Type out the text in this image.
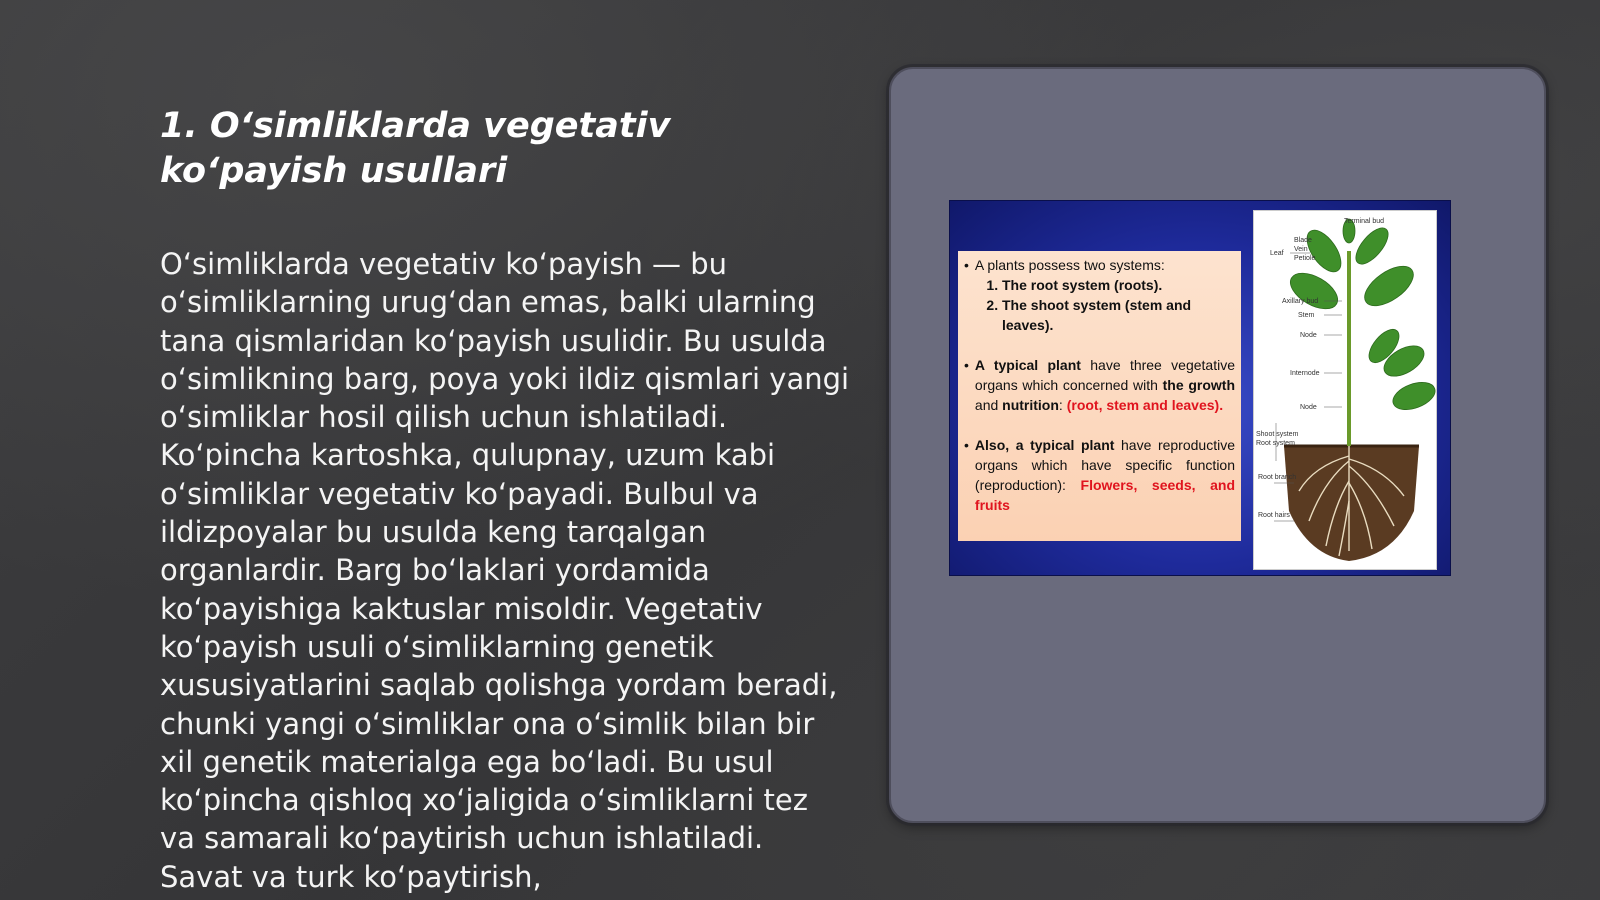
1. O‘simliklarda vegetativ ko‘payish usullari

O‘simliklarda vegetativ ko‘payish — bu o‘simliklarning urug‘dan emas, balki ularning tana qismlaridan ko‘payish usulidir. Bu usulda o‘simlikning barg, poya yoki ildiz qismlari yangi o‘simliklar hosil qilish uchun ishlatiladi. Ko‘pincha kartoshka, qulupnay, uzum kabi o‘simliklar vegetativ ko‘payadi. Bulbul va ildizpoyalar bu usulda keng tarqalgan organlardir. Barg bo‘laklari yordamida ko‘payishiga kaktuslar misoldir. Vegetativ ko‘payish usuli o‘simliklarning genetik xususiyatlarini saqlab qolishga yordam beradi, chunki yangi o‘simliklar ona o‘simlik bilan bir xil genetik materialga ega bo‘ladi. Bu usul ko‘pincha qishloq xo‘jaligida o‘simliklarni tez va samarali ko‘paytirish uchun ishlatiladi. Savat va turk ko‘paytirish,

• A plants possess two systems:
1. The root system (roots).
2. The shoot system (stem and leaves).
• A typical plant have three vegetative organs which concerned with the growth and nutrition: (root, stem and leaves).
• Also, a typical plant have reproductive organs which have specific function (reproduction): Flowers, seeds, and fruits
Terminal bud
Blade
Vein
Petiole
Leaf
Axillary bud
Stem
Node
Internode
Node
Shoot system
Root system
Root branch
Root hairs
